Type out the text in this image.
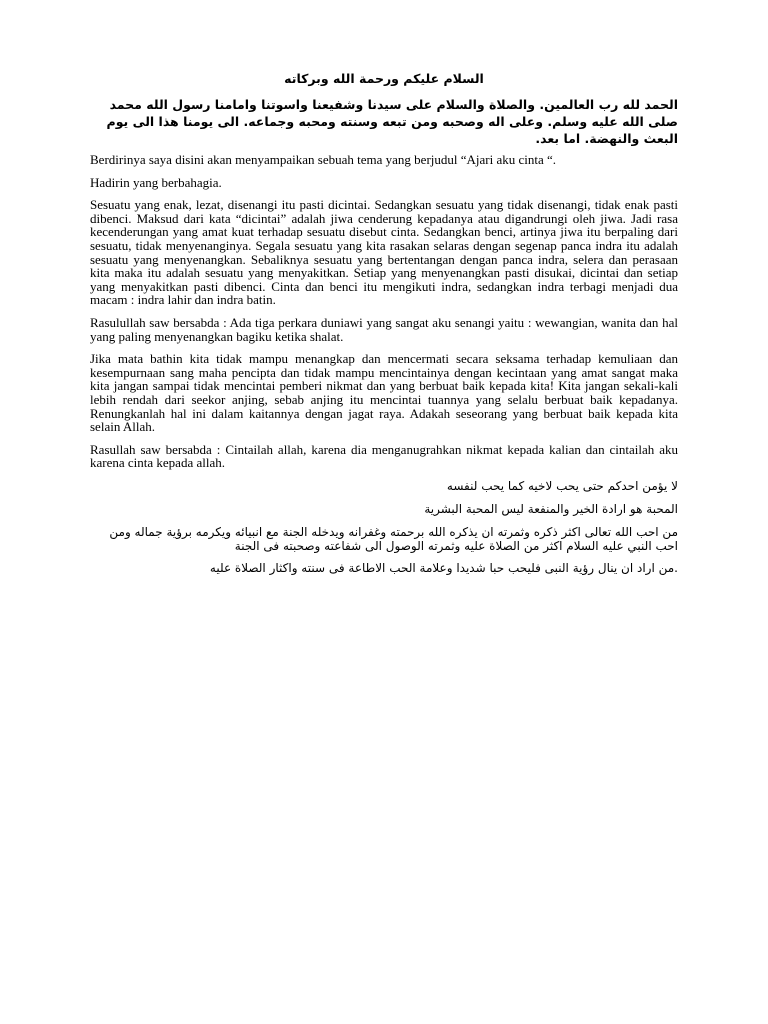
السلام عليكم ورحمة الله وبركاته

الحمد لله رب العالمين. والصلاة والسلام على سيدنا وشفيعنا واسوتنا وامامنا رسول الله محمد صلى الله عليه وسلم. وعلى اله وصحبه ومن تبعه وسنته ومحبه وجماعه. الى يومنا هذا الى يوم البعث والنهضة. اما بعد.

Berdirinya saya disini akan menyampaikan sebuah tema yang berjudul “Ajari aku cinta “.

Hadirin yang berbahagia.

Sesuatu yang enak, lezat, disenangi itu pasti dicintai. Sedangkan sesuatu yang tidak disenangi, tidak enak pasti dibenci. Maksud dari kata “dicintai” adalah jiwa cenderung kepadanya atau digandrungi oleh jiwa. Jadi rasa kecenderungan yang amat kuat terhadap sesuatu disebut cinta. Sedangkan benci, artinya jiwa itu berpaling dari sesuatu, tidak menyenanginya. Segala sesuatu yang kita rasakan selaras dengan segenap panca indra itu adalah sesuatu yang menyenangkan. Sebaliknya sesuatu yang bertentangan dengan panca indra, selera dan perasaan kita maka itu adalah sesuatu yang menyakitkan. Setiap yang menyenangkan pasti disukai, dicintai dan setiap yang menyakitkan pasti dibenci. Cinta dan benci itu mengikuti indra, sedangkan indra terbagi menjadi dua macam : indra lahir dan indra batin.

Rasulullah saw bersabda : Ada tiga perkara duniawi yang sangat aku senangi yaitu : wewangian, wanita dan hal yang paling menyenangkan bagiku ketika shalat.

Jika mata bathin kita tidak mampu menangkap dan mencermati secara seksama terhadap kemuliaan dan kesempurnaan sang maha pencipta dan tidak mampu mencintainya dengan kecintaan yang amat sangat maka kita jangan sampai tidak mencintai pemberi nikmat dan yang berbuat baik kepada kita! Kita jangan sekali-kali lebih rendah dari seekor anjing, sebab anjing itu mencintai tuannya yang selalu berbuat baik kepadanya. Renungkanlah hal ini dalam kaitannya dengan jagat raya. Adakah seseorang yang berbuat baik kepada kita selain Allah.

Rasullah saw bersabda : Cintailah allah, karena dia menganugrahkan nikmat kepada kalian dan cintailah aku karena cinta kepada allah.

لا يؤمن احدكم حتى يحب لاخيه كما يحب لنفسه

المحبة هو ارادة الخير والمنفعة ليس المحبة البشرية

من احب الله تعالى اكثر ذكره وثمرته ان يذكره الله برحمته وغفرانه ويدخله الجنة مع انبيائه ويكرمه برؤية جماله ومن احب النبي عليه السلام اكثر من الصلاة عليه وثمرته الوصول الى شفاعته وصحبته فى الجنة

.من اراد ان ينال رؤية النبى فليحب حبا شديدا وعلامة الحب الاطاعة فى سنته واكثار الصلاة عليه
